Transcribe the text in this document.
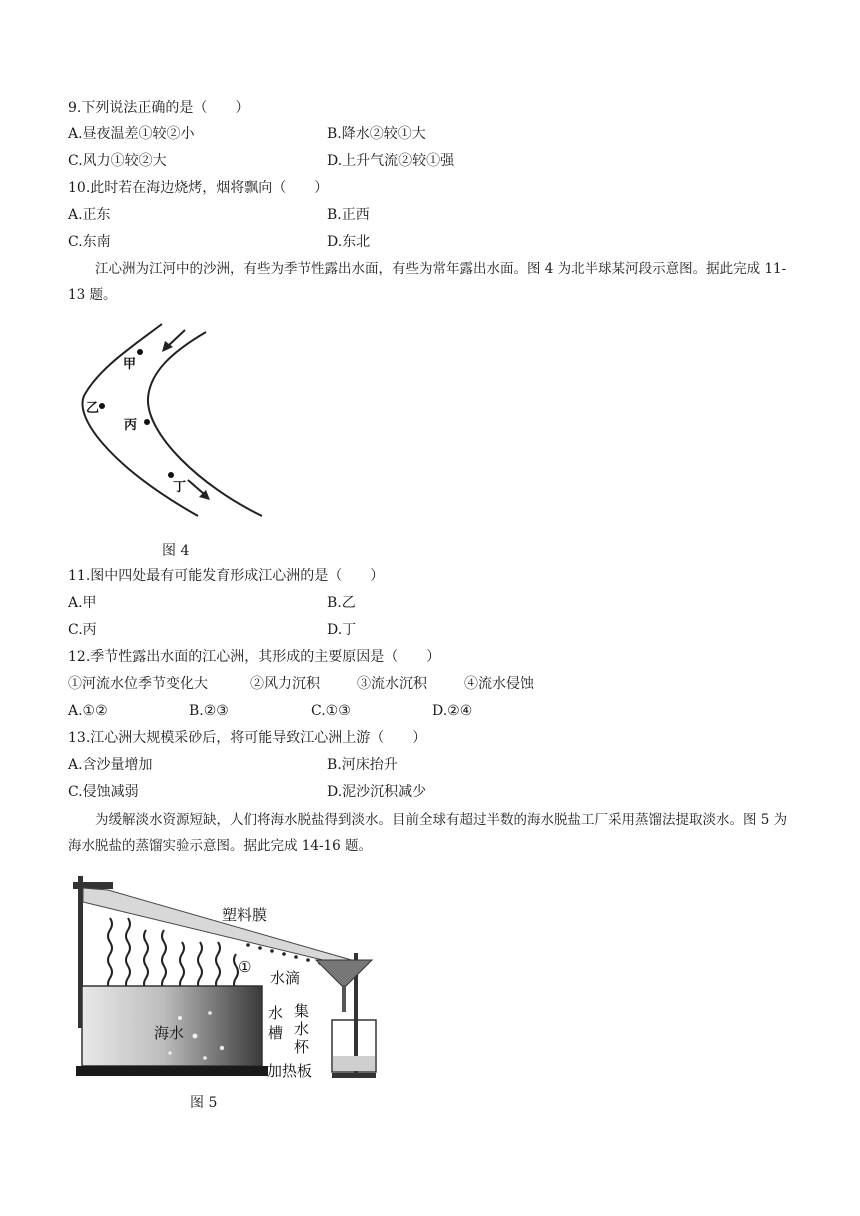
9.下列说法正确的是（　　）
A.昼夜温差①较②小	B.降水②较①大
C.风力①较②大	D.上升气流②较①强
10.此时若在海边烧烤，烟将飘向（　　）
A.正东	B.正西
C.东南	D.东北

江心洲为江河中的沙洲，有些为季节性露出水面，有些为常年露出水面。图 4 为北半球某河段示意图。据此完成 11-13 题。

甲
乙
丙
丁
图 4
11.图中四处最有可能发育形成江心洲的是（　　）
A.甲	B.乙
C.丙	D.丁
12.季节性露出水面的江心洲，其形成的主要原因是（　　）
①河流水位季节变化大	②风力沉积	③流水沉积	④流水侵蚀
A.①②	B.②③	C.①③	D.②④
13.江心洲大规模采砂后，将可能导致江心洲上游（　　）
A.含沙量增加	B.河床抬升
C.侵蚀减弱	D.泥沙沉积减少

为缓解淡水资源短缺，人们将海水脱盐得到淡水。目前全球有超过半数的海水脱盐工厂采用蒸馏法提取淡水。图 5 为海水脱盐的蒸馏实验示意图。据此完成 14-16 题。

塑料膜
水滴
①
海水
水
槽
加热板
集
水
杯
图 5
